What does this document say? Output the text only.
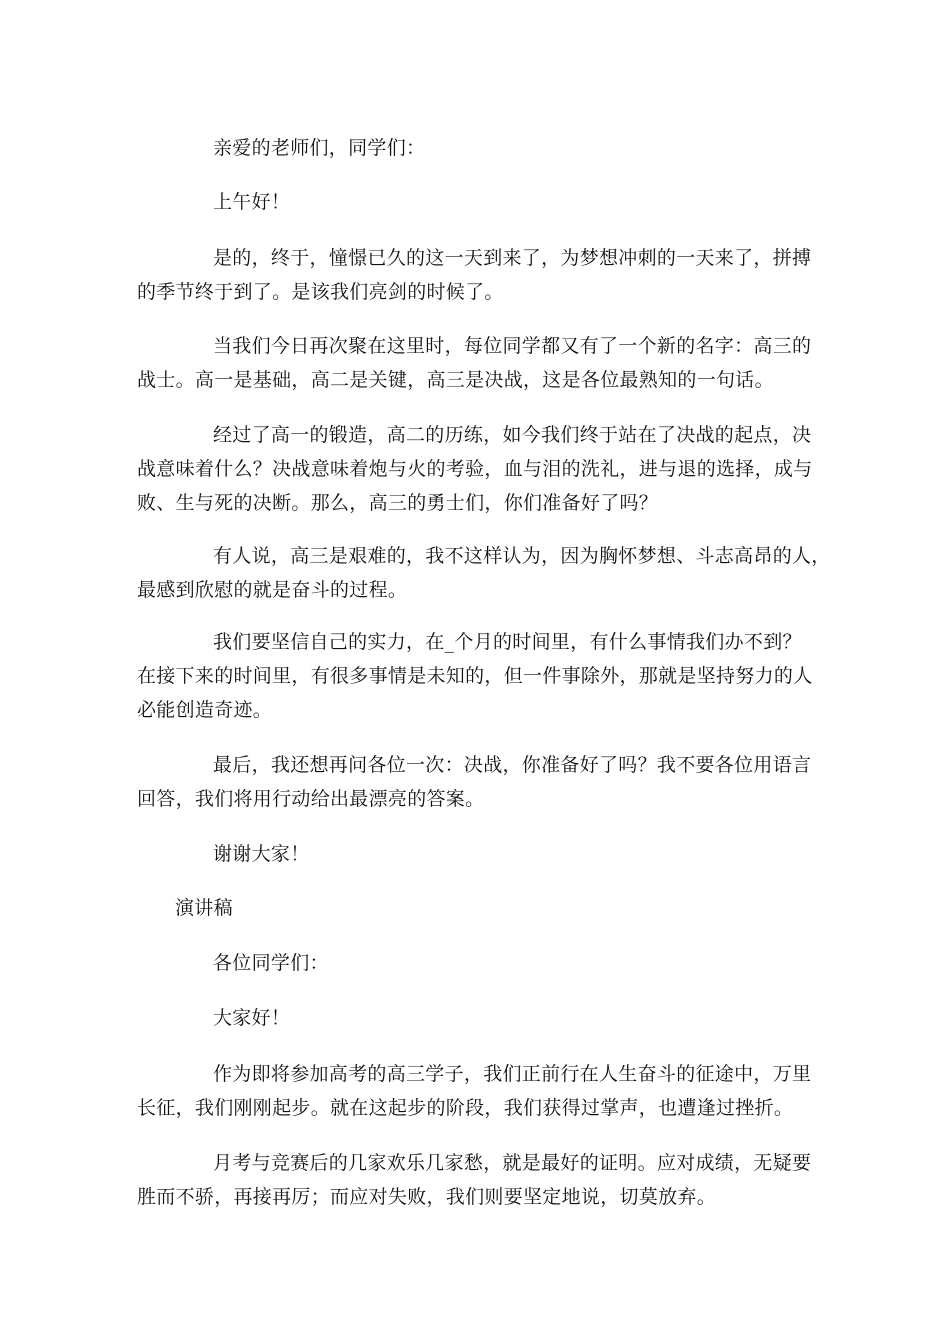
亲爱的老师们，同学们：

上午好！

是的，终于，憧憬已久的这一天到来了，为梦想冲刺的一天来了，拼搏
的季节终于到了。是该我们亮剑的时候了。

当我们今日再次聚在这里时，每位同学都又有了一个新的名字：高三的
战士。高一是基础，高二是关键，高三是决战，这是各位最熟知的一句话。

经过了高一的锻造，高二的历练，如今我们终于站在了决战的起点，决
战意味着什么？决战意味着炮与火的考验，血与泪的洗礼，进与退的选择，成与
败、生与死的决断。那么，高三的勇士们，你们准备好了吗？

有人说，高三是艰难的，我不这样认为，因为胸怀梦想、斗志高昂的人，
最感到欣慰的就是奋斗的过程。

我们要坚信自己的实力，在_个月的时间里，有什么事情我们办不到？
在接下来的时间里，有很多事情是未知的，但一件事除外，那就是坚持努力的人
必能创造奇迹。

最后，我还想再问各位一次：决战，你准备好了吗？我不要各位用语言
回答，我们将用行动给出最漂亮的答案。

谢谢大家！

演讲稿

各位同学们：

大家好！

作为即将参加高考的高三学子，我们正前行在人生奋斗的征途中，万里
长征，我们刚刚起步。就在这起步的阶段，我们获得过掌声，也遭逢过挫折。

月考与竞赛后的几家欢乐几家愁，就是最好的证明。应对成绩，无疑要
胜而不骄，再接再厉；而应对失败，我们则要坚定地说，切莫放弃。
